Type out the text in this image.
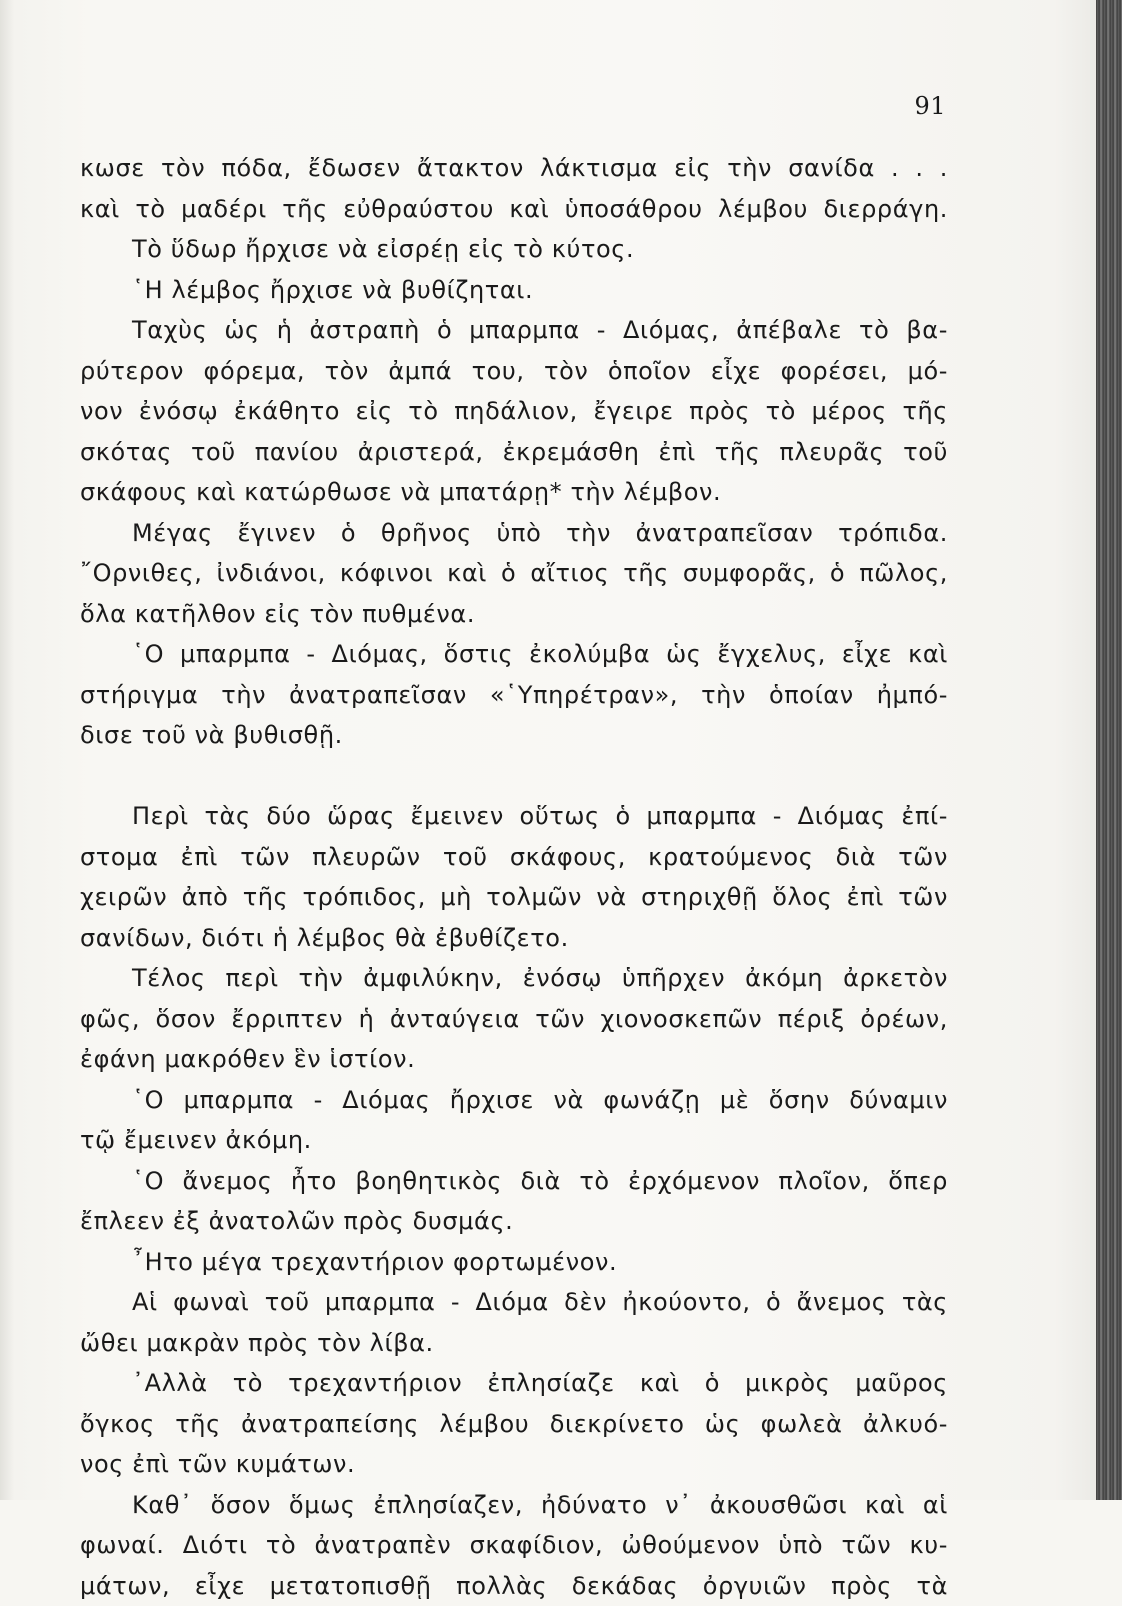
91
κωσε τὸν πόδα, ἔδωσεν ἄτακτον λάκτισμα εἰς τὴν σανίδα . . .
καὶ τὸ μαδέρι τῆς εὐθραύστου καὶ ὑποσάθρου λέμβου διερράγη.
Τὸ ὕδωρ ἤρχισε νὰ εἰσρέῃ εἰς τὸ κύτος.
῾Η λέμβος ἤρχισε νὰ βυθίζηται.
Ταχὺς ὡς ἡ ἀστραπὴ ὁ μπαρμπα - Διόμας, ἀπέβαλε τὸ βα-
ρύτερον φόρεμα, τὸν ἀμπά του, τὸν ὁποῖον εἶχε φορέσει, μό-
νον ἐνόσῳ ἐκάθητο εἰς τὸ πηδάλιον, ἔγειρε πρὸς τὸ μέρος τῆς
σκότας τοῦ πανίου ἀριστερά, ἐκρεμάσθη ἐπὶ τῆς πλευρᾶς τοῦ
σκάφους καὶ κατώρθωσε νὰ μπατάρῃ* τὴν λέμβον.
Μέγας ἔγινεν ὁ θρῆνος ὑπὸ τὴν ἀνατραπεῖσαν τρόπιδα.
῎Ορνιθες, ἰνδιάνοι, κόφινοι καὶ ὁ αἴτιος τῆς συμφορᾶς, ὁ πῶλος,
ὅλα κατῆλθον εἰς τὸν πυθμένα.
῾Ο μπαρμπα - Διόμας, ὅστις ἐκολύμβα ὡς ἔγχελυς, εἶχε καὶ
στήριγμα τὴν ἀνατραπεῖσαν «῾Υπηρέτραν», τὴν ὁποίαν ἠμπό-
δισε τοῦ νὰ βυθισθῇ.
Περὶ τὰς δύο ὥρας ἔμεινεν οὕτως ὁ μπαρμπα - Διόμας ἐπί-
στομα ἐπὶ τῶν πλευρῶν τοῦ σκάφους, κρατούμενος διὰ τῶν
χειρῶν ἀπὸ τῆς τρόπιδος, μὴ τολμῶν νὰ στηριχθῇ ὅλος ἐπὶ τῶν
σανίδων, διότι ἡ λέμβος θὰ ἐβυθίζετο.
Τέλος περὶ τὴν ἀμφιλύκην, ἐνόσῳ ὑπῆρχεν ἀκόμη ἀρκετὸν
φῶς, ὅσον ἔρριπτεν ἡ ἀνταύγεια τῶν χιονοσκεπῶν πέριξ ὀρέων,
ἐφάνη μακρόθεν ἓν ἱστίον.
῾Ο μπαρμπα - Διόμας ἤρχισε νὰ φωνάζῃ μὲ ὅσην δύναμιν
τῷ ἔμεινεν ἀκόμη.
῾Ο ἄνεμος ἦτο βοηθητικὸς διὰ τὸ ἐρχόμενον πλοῖον, ὅπερ
ἔπλεεν ἐξ ἀνατολῶν πρὸς δυσμάς.
῏Ητο μέγα τρεχαντήριον φορτωμένον.
Αἱ φωναὶ τοῦ μπαρμπα - Διόμα δὲν ἠκούοντο, ὁ ἄνεμος τὰς
ὤθει μακρὰν πρὸς τὸν λίβα.
᾿Αλλὰ τὸ τρεχαντήριον ἐπλησίαζε καὶ ὁ μικρὸς μαῦρος
ὄγκος τῆς ἀνατραπείσης λέμβου διεκρίνετο ὡς φωλεὰ ἀλκυό-
νος ἐπὶ τῶν κυμάτων.
Καθ᾿ ὅσον ὅμως ἐπλησίαζεν, ἠδύνατο ν᾿ ἀκουσθῶσι καὶ αἱ
φωναί. Διότι τὸ ἀνατραπὲν σκαφίδιον, ὠθούμενον ὑπὸ τῶν κυ-
μάτων, εἶχε μετατοπισθῇ πολλὰς δεκάδας ὀργυιῶν πρὸς τὰ
